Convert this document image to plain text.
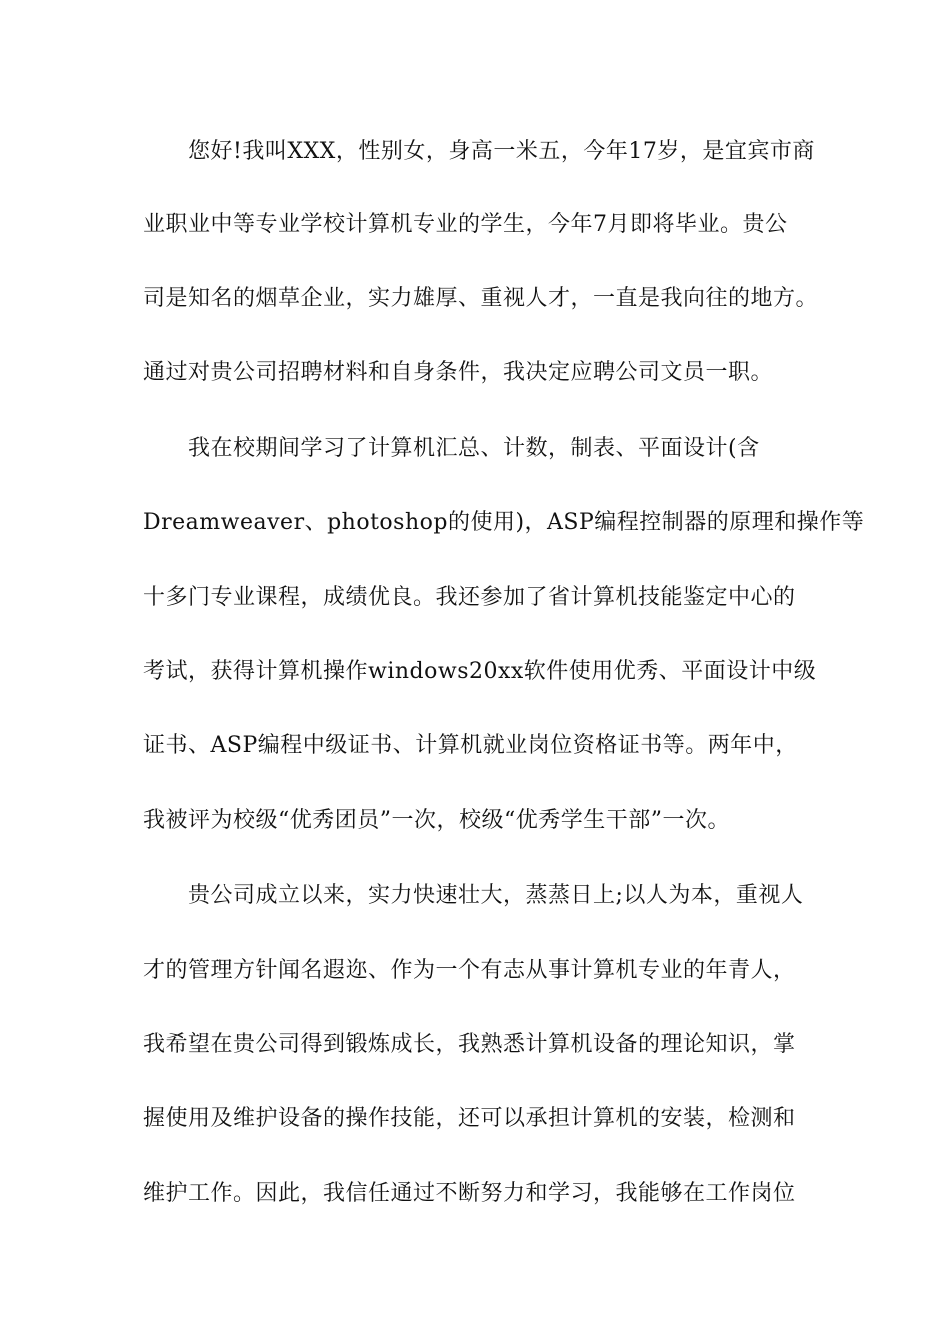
您好!我叫XXX，性别女，身高一米五，今年17岁，是宜宾市商
业职业中等专业学校计算机专业的学生，今年7月即将毕业。贵公
司是知名的烟草企业，实力雄厚、重视人才，一直是我向往的地方。
通过对贵公司招聘材料和自身条件，我决定应聘公司文员一职。
我在校期间学习了计算机汇总、计数，制表、平面设计(含
Dreamweaver、photoshop的使用)，ASP编程控制器的原理和操作等
十多门专业课程，成绩优良。我还参加了省计算机技能鉴定中心的
考试，获得计算机操作windows20xx软件使用优秀、平面设计中级
证书、ASP编程中级证书、计算机就业岗位资格证书等。两年中，
我被评为校级“优秀团员”一次，校级“优秀学生干部”一次。
贵公司成立以来，实力快速壮大，蒸蒸日上;以人为本，重视人
才的管理方针闻名遐迩、作为一个有志从事计算机专业的年青人，
我希望在贵公司得到锻炼成长，我熟悉计算机设备的理论知识，掌
握使用及维护设备的操作技能，还可以承担计算机的安装，检测和
维护工作。因此，我信任通过不断努力和学习，我能够在工作岗位
